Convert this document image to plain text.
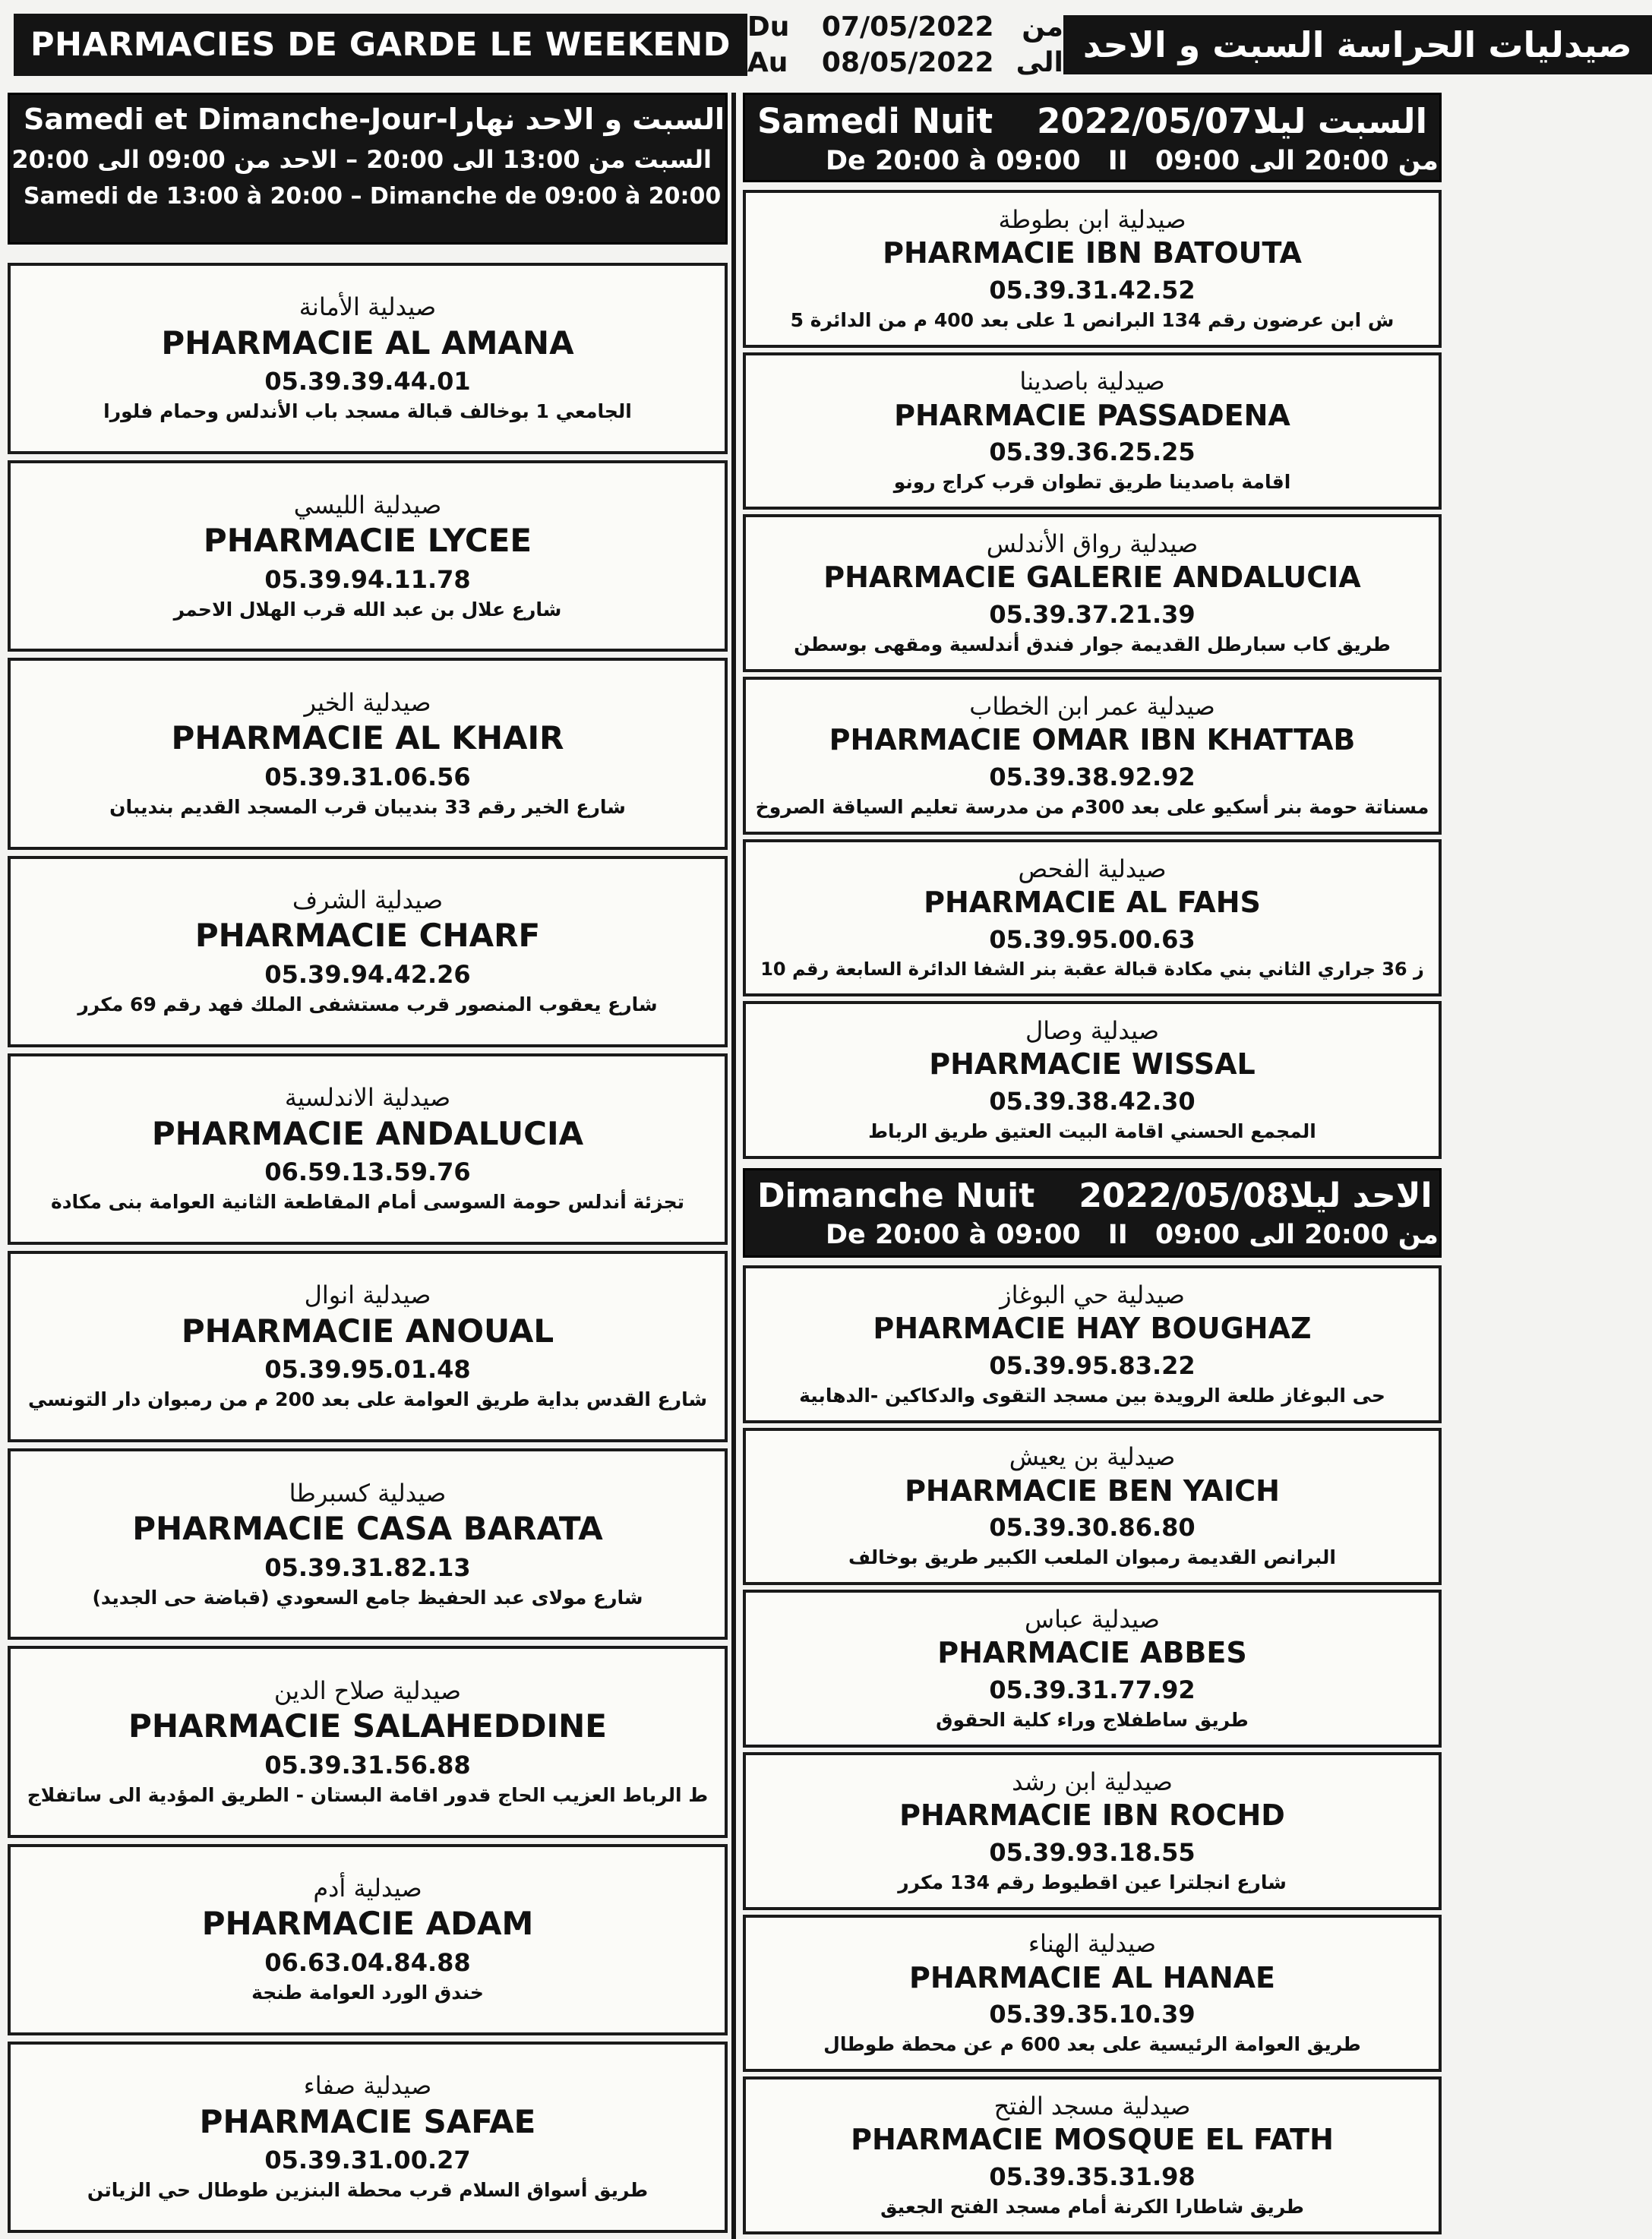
PHARMACIES DE GARDE LE WEEKEND Du	07/05/2022	من
Au	08/05/2022 الى صيدليات الحراسة السبت و الاحد
Samedi et Dimanche-Jour- السبت و الاحد نهارا
السبت من 13:00 الى 20:00 – الاحد من 09:00 الى 20:00
Samedi de 13:00 à 20:00 – Dimanche de 09:00 à 20:00
صيدلية الأمانة
PHARMACIE AL AMANA
05.39.39.44.01
الجامعي 1 بوخالف قبالة مسجد باب الأندلس وحمام فلورا
صيدلية الليسي
PHARMACIE LYCEE
05.39.94.11.78
شارع علال بن عبد الله قرب الهلال الاحمر
صيدلية الخير
PHARMACIE AL KHAIR
05.39.31.06.56
شارع الخير رقم 33 بنديبان قرب المسجد القديم بنديبان
صيدلية الشرف
PHARMACIE CHARF
05.39.94.42.26
شارع يعقوب المنصور قرب مستشفى الملك فهد رقم 69 مكرر
صيدلية الاندلسية
PHARMACIE ANDALUCIA
06.59.13.59.76
تجزئة أندلس حومة السوسى أمام المقاطعة الثانية العوامة بنى مكادة
صيدلية انوال
PHARMACIE ANOUAL
05.39.95.01.48
شارع القدس بداية طريق العوامة على بعد 200 م من رمبوان دار التونسي
صيدلية كسبرطا
PHARMACIE CASA BARATA
05.39.31.82.13
شارع مولاى عبد الحفيظ جامع السعودي (قباضة حى الجديد)
صيدلية صلاح الدين
PHARMACIE SALAHEDDINE
05.39.31.56.88
ط الرباط العزيب الحاج قدور اقامة البستان - الطريق المؤدية الى ساتفلاج
صيدلية أدم
PHARMACIE ADAM
06.63.04.84.88
خندق الورد العوامة طنجة
صيدلية صفاء
PHARMACIE SAFAE
05.39.31.00.27
طريق أسواق السلام قرب محطة البنزين طوطال حي الزياتن
Samedi Nuit 2022/05/07 السبت ليلا
De 20:00 à 09:00 II من 20:00 الى 09:00
صيدلية ابن بطوطة
PHARMACIE IBN BATOUTA
05.39.31.42.52
ش ابن عرضون رقم 134 البرانص 1 على بعد 400 م من الدائرة 5
صيدلية باصدينا
PHARMACIE PASSADENA
05.39.36.25.25
اقامة باصدينا طريق تطوان قرب كراج رونو
صيدلية رواق الأندلس
PHARMACIE GALERIE ANDALUCIA
05.39.37.21.39
طريق كاب سبارطل القديمة جوار فندق أندلسية ومقهى بوسطن
صيدلية عمر ابن الخطاب
PHARMACIE OMAR IBN KHATTAB
05.39.38.92.92
مسناتة حومة بنر أسكيو على بعد 300م من مدرسة تعليم السياقة الصروخ
صيدلية الفحص
PHARMACIE AL FAHS
05.39.95.00.63
ز 36 جراري الثاني بني مكادة قبالة عقبة بنر الشفا الدائرة السابعة رقم 10
صيدلية وصال
PHARMACIE WISSAL
05.39.38.42.30
المجمع الحسني اقامة البيت العتيق طريق الرباط
Dimanche Nuit 2022/05/08 الاحد ليلا
De 20:00 à 09:00 II من 20:00 الى 09:00
صيدلية حي البوغاز
PHARMACIE HAY BOUGHAZ
05.39.95.83.22
حى البوغاز طلعة الرويدة بين مسجد التقوى والدكاكين -الدهابية
صيدلية بن يعيش
PHARMACIE BEN YAICH
05.39.30.86.80
البرانص القديمة رمبوان الملعب الكبير طريق بوخالف
صيدلية عباس
PHARMACIE ABBES
05.39.31.77.92
طريق ساطفلاج وراء كلية الحقوق
صيدلية ابن رشد
PHARMACIE IBN ROCHD
05.39.93.18.55
شارع انجلترا عين اقطيوط رقم 134 مكرر
صيدلية الهناء
PHARMACIE AL HANAE
05.39.35.10.39
طريق العوامة الرئيسية على بعد 600 م عن محطة طوطال
صيدلية مسجد الفتح
PHARMACIE MOSQUE EL FATH
05.39.35.31.98
طريق شاطارا الكرنة أمام مسجد الفتح الجعيق
